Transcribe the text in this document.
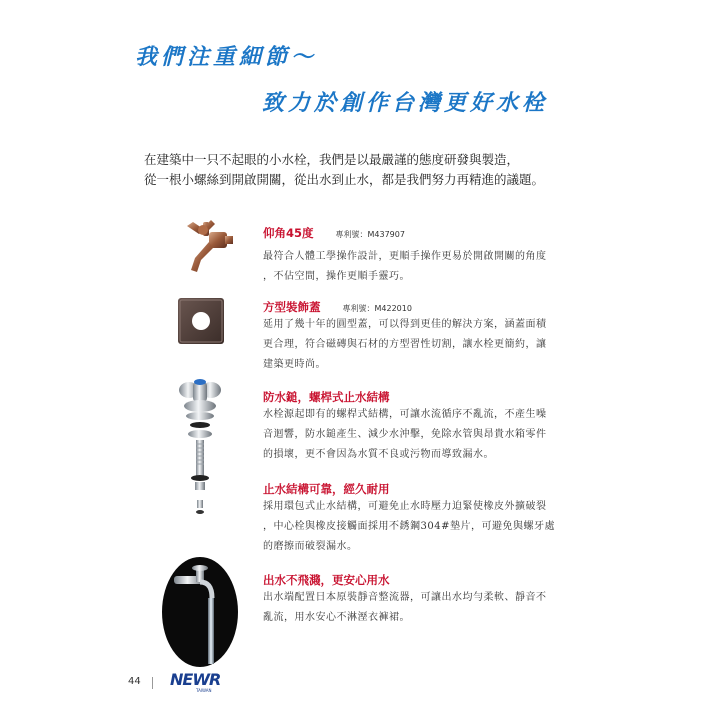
我們注重細節～
致力於創作台灣更好水栓
在建築中一只不起眼的小水栓，我們是以最嚴謹的態度研發與製造，
從一根小螺絲到開啟開關，從出水到止水，都是我們努力再精進的議題。
仰角45度	專利號：M437907
最符合人體工學操作設計，更順手操作更易於開啟開關的角度
，不佔空間，操作更順手靈巧。
方型裝飾蓋	專利號：M422010
延用了幾十年的圓型蓋，可以得到更佳的解決方案，涵蓋面積
更合理，符合磁磚與石材的方型習性切割，讓水栓更簡約，讓
建築更時尚。
防水鎚，螺桿式止水結構
水栓源起即有的螺桿式結構，可讓水流循序不亂流，不產生噪
音迴響，防水鎚產生、減少水沖擊，免除水管與昂貴水箱零件
的損壞，更不會因為水質不良或污物而導致漏水。
止水結構可靠，經久耐用
採用環包式止水結構，可避免止水時壓力迫緊使橡皮外擴破裂
，中心栓與橡皮接觸面採用不銹鋼304#墊片，可避免與螺牙處
的磨擦而破裂漏水。
出水不飛濺，更安心用水
出水端配置日本原裝靜音整流器，可讓出水均勻柔軟、靜音不
亂流，用水安心不淋溼衣褲裙。
44 NEWR
TAIWAN
